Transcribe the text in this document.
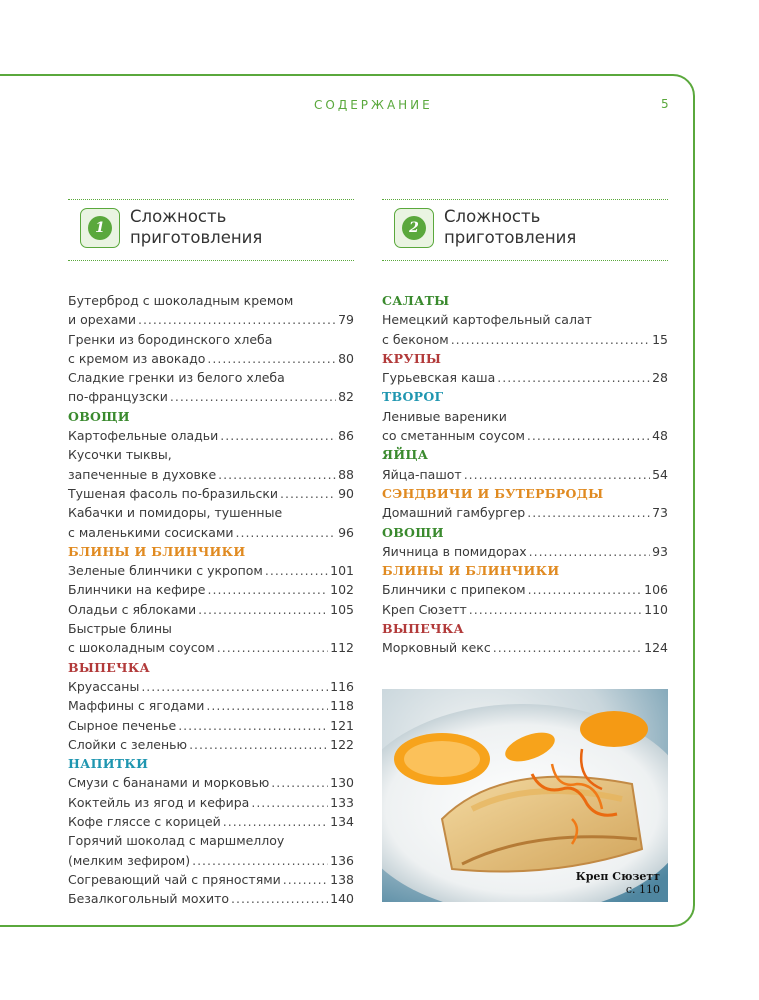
СОДЕРЖАНИЕ	5
1
Сложность
приготовления	2
Сложность
приготовления
Бутерброд с шоколадным кремом
и орехами .....	79
Гренки из бородинского хлеба
с кремом из авокадо .....	80
Сладкие гренки из белого хлеба
по-французски .....	82
ОВОЩИ
Картофельные оладьи .....	86
Кусочки тыквы,
запеченные в духовке .....	88
Тушеная фасоль по-бразильски .....	90
Кабачки и помидоры, тушенные
с маленькими сосисками .....	96
БЛИНЫ И БЛИНЧИКИ
Зеленые блинчики с укропом .....	101
Блинчики на кефире .....	102
Оладьи с яблоками .....	105
Быстрые блины
с шоколадным соусом .....	112
ВЫПЕЧКА
Круассаны .....	116
Маффины с ягодами .....	118
Сырное печенье .....	121
Слойки с зеленью .....	122
НАПИТКИ
Смузи с бананами и морковью .....	130
Коктейль из ягод и кефира .....	133
Кофе гляссе с корицей .....	134
Горячий шоколад с маршмеллоу
(мелким зефиром) .....	136
Согревающий чай с пряностями .....	138
Безалкогольный мохито .....	140
САЛАТЫ
Немецкий картофельный салат
с беконом .....	15
КРУПЫ
Гурьевская каша .....	28
ТВОРОГ
Ленивые вареники
со сметанным соусом .....	48
ЯЙЦА
Яйца-пашот .....	54
СЭНДВИЧИ И БУТЕРБРОДЫ
Домашний гамбургер .....	73
ОВОЩИ
Яичница в помидорах .....	93
БЛИНЫ И БЛИНЧИКИ
Блинчики с припеком .....	106
Креп Сюзетт .....	110
ВЫПЕЧКА
Морковный кекс .....	124
Креп Сюзетт
с. 110
